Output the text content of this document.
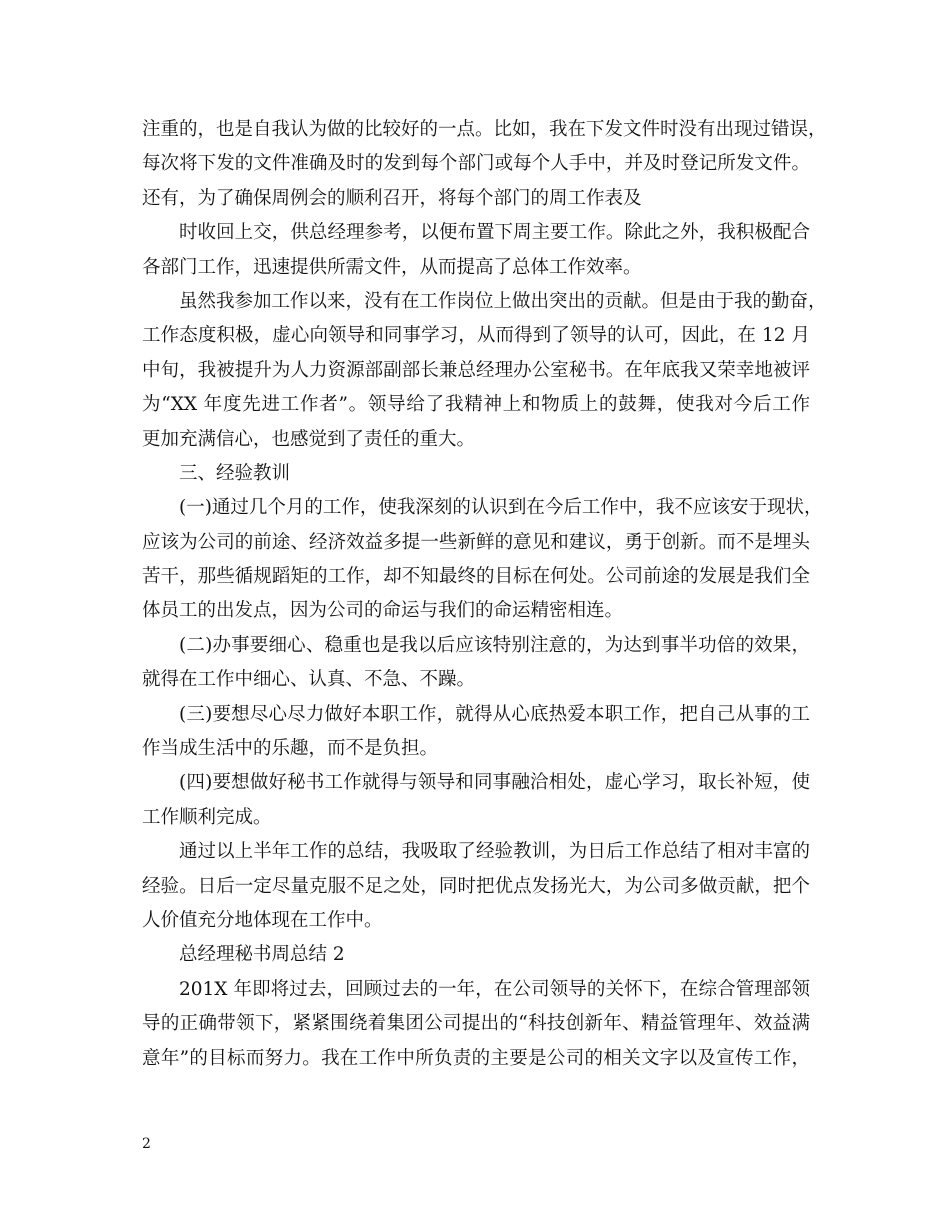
注重的，也是自我认为做的比较好的一点。比如，我在下发文件时没有出现过错误，
每次将下发的文件准确及时的发到每个部门或每个人手中，并及时登记所发文件。
还有，为了确保周例会的顺利召开，将每个部门的周工作表及
时收回上交，供总经理参考，以便布置下周主要工作。除此之外，我积极配合
各部门工作，迅速提供所需文件，从而提高了总体工作效率。
虽然我参加工作以来，没有在工作岗位上做出突出的贡献。但是由于我的勤奋，
工作态度积极，虚心向领导和同事学习，从而得到了领导的认可，因此，在 12 月
中旬，我被提升为人力资源部副部长兼总经理办公室秘书。在年底我又荣幸地被评
为“XX 年度先进工作者”。领导给了我精神上和物质上的鼓舞，使我对今后工作
更加充满信心，也感觉到了责任的重大。
三、经验教训
(一)通过几个月的工作，使我深刻的认识到在今后工作中，我不应该安于现状，
应该为公司的前途、经济效益多提一些新鲜的意见和建议，勇于创新。而不是埋头
苦干，那些循规蹈矩的工作，却不知最终的目标在何处。公司前途的发展是我们全
体员工的出发点，因为公司的命运与我们的命运精密相连。
(二)办事要细心、稳重也是我以后应该特别注意的，为达到事半功倍的效果，
就得在工作中细心、认真、不急、不躁。
(三)要想尽心尽力做好本职工作，就得从心底热爱本职工作，把自己从事的工
作当成生活中的乐趣，而不是负担。
(四)要想做好秘书工作就得与领导和同事融洽相处，虚心学习，取长补短，使
工作顺利完成。
通过以上半年工作的总结，我吸取了经验教训，为日后工作总结了相对丰富的
经验。日后一定尽量克服不足之处，同时把优点发扬光大，为公司多做贡献，把个
人价值充分地体现在工作中。
总经理秘书周总结 2
201X 年即将过去，回顾过去的一年，在公司领导的关怀下，在综合管理部领
导的正确带领下，紧紧围绕着集团公司提出的“科技创新年、精益管理年、效益满
意年”的目标而努力。我在工作中所负责的主要是公司的相关文字以及宣传工作，
2
